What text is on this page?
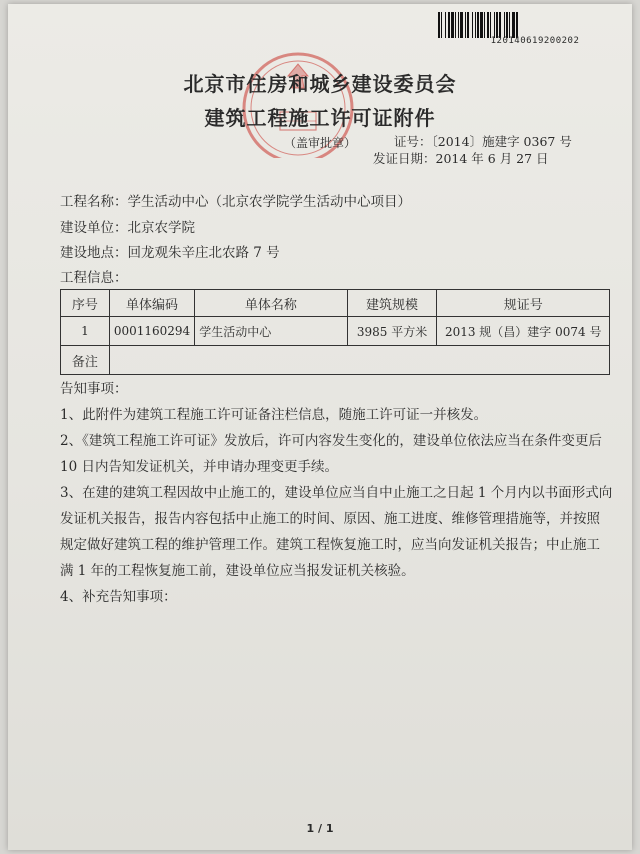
120140619200202
北京市住房和城乡建设委员会
建筑工程施工许可证附件
（盖审批章）	证号：〔2014〕施建字 0367 号
发证日期：2014 年 6 月 27 日
工程名称：学生活动中心（北京农学院学生活动中心项目）
建设单位：北京农学院
建设地点：回龙观朱辛庄北农路 7 号
工程信息：
序号	单体编码	单体名称	建筑规模	规证号
1	0001160294	学生活动中心	3985 平方米	2013 规（昌）建字 0074 号
备注				

告知事项：

1、此附件为建筑工程施工许可证备注栏信息，随施工许可证一并核发。

2、《建筑工程施工许可证》发放后，许可内容发生变化的，建设单位依法应当在条件变更后

10 日内告知发证机关，并申请办理变更手续。

3、在建的建筑工程因故中止施工的，建设单位应当自中止施工之日起 1 个月内以书面形式向

发证机关报告，报告内容包括中止施工的时间、原因、施工进度、维修管理措施等，并按照

规定做好建筑工程的维护管理工作。建筑工程恢复施工时，应当向发证机关报告；中止施工

满 1 年的工程恢复施工前，建设单位应当报发证机关核验。

4、补充告知事项：

1 / 1
